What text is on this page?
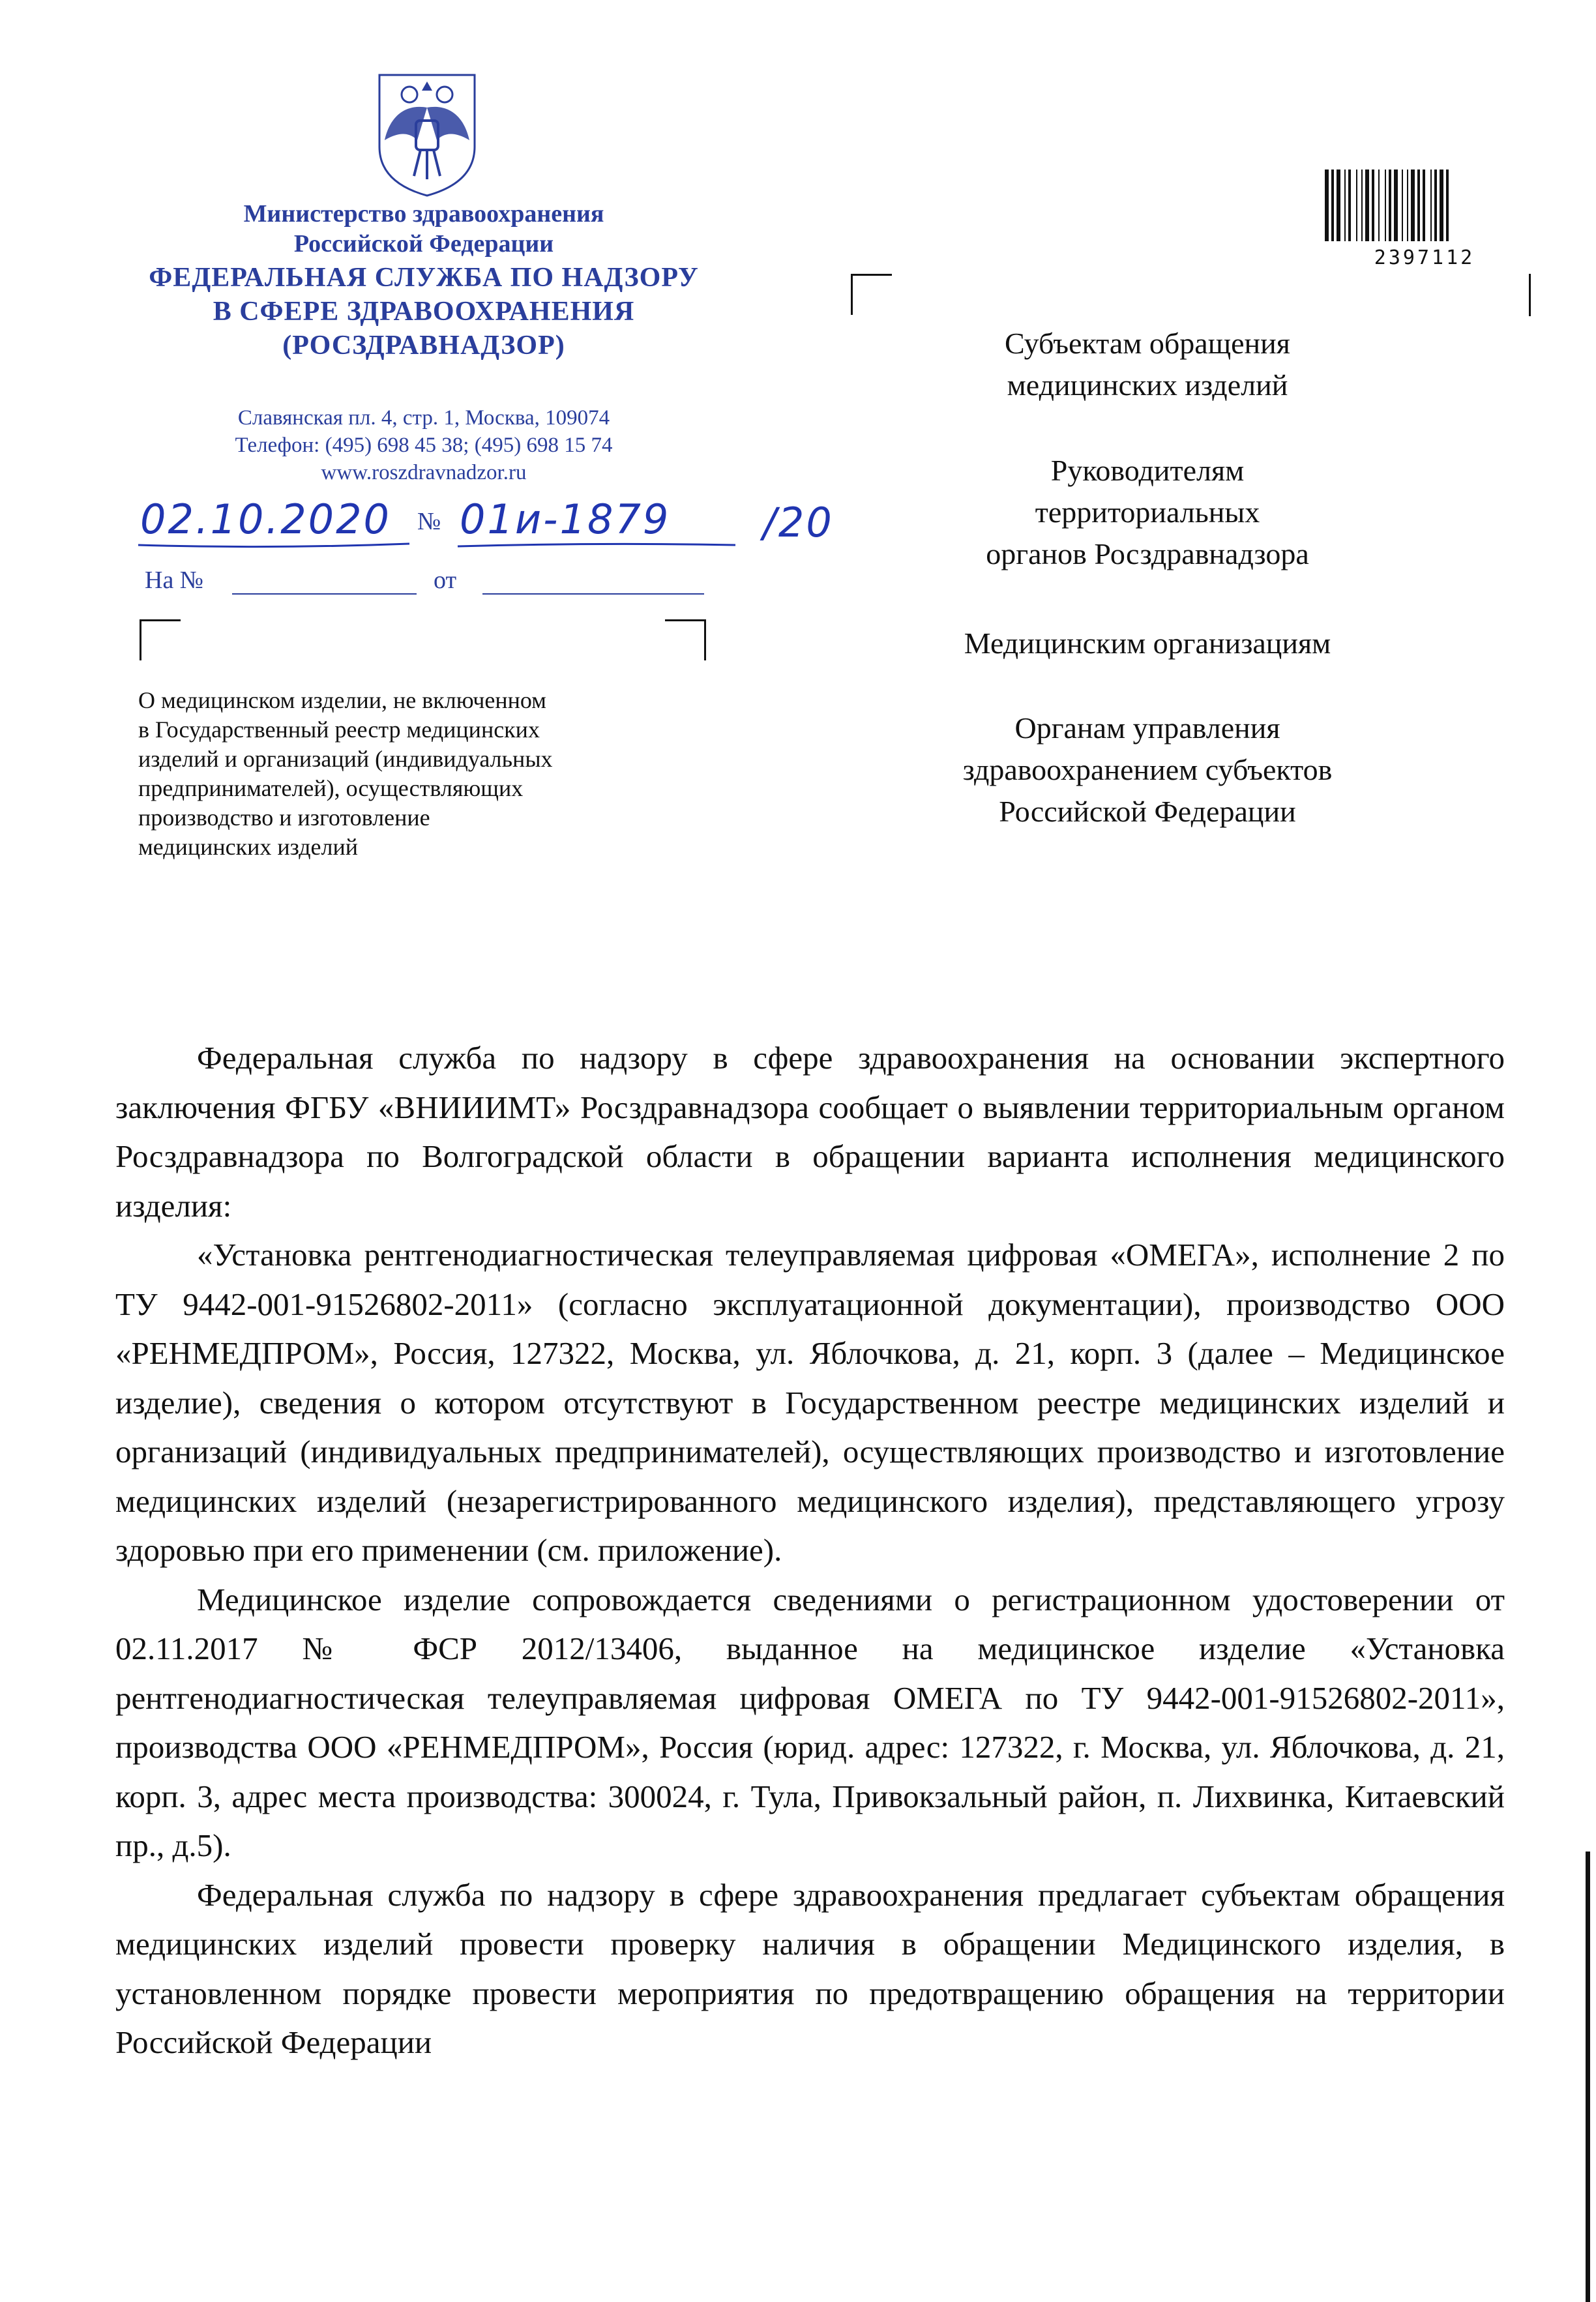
Министерство здравоохранения
Российской Федерации
ФЕДЕРАЛЬНАЯ СЛУЖБА ПО НАДЗОРУ
В СФЕРЕ ЗДРАВООХРАНЕНИЯ
(РОСЗДРАВНАДЗОР)
Славянская пл. 4, стр. 1, Москва, 109074
Телефон: (495) 698 45 38; (495) 698 15 74
www.roszdravnadzor.ru
02.10.2020 № 01и-1879 /20
На №	от
О медицинском изделии, не включенном
в Государственный реестр медицинских
изделий и организаций (индивидуальных
предпринимателей), осуществляющих
производство и изготовление
медицинских изделий
2397112
Субъектам обращения
медицинских изделий
Руководителям
территориальных
органов Росздравнадзора
Медицинским организациям
Органам управления
здравоохранением субъектов
Российской Федерации

Федеральная служба по надзору в сфере здравоохранения на основании экспертного заключения ФГБУ «ВНИИИМТ» Росздравнадзора сообщает о выявлении территориальным органом Росздравнадзора по Волгоградской области в обращении варианта исполнения медицинского изделия:

«Установка рентгенодиагностическая телеуправляемая цифровая «ОМЕГА», исполнение 2 по ТУ 9442-001-91526802-2011» (согласно эксплуатационной документации), производство ООО «РЕНМЕДПРОМ», Россия, 127322, Москва, ул. Яблочкова, д. 21, корп. 3 (далее – Медицинское изделие), сведения о котором отсутствуют в Государственном реестре медицинских изделий и организаций (индивидуальных предпринимателей), осуществляющих производство и изготовление медицинских изделий (незарегистрированного медицинского изделия), представляющего угрозу здоровью при его применении (см. приложение).

Медицинское изделие сопровождается сведениями о регистрационном удостоверении от 02.11.2017 № ФСР 2012/13406, выданное на медицинское изделие «Установка рентгенодиагностическая телеуправляемая цифровая ОМЕГА по ТУ 9442-001-91526802-2011», производства ООО «РЕНМЕДПРОМ», Россия (юрид. адрес: 127322, г. Москва, ул. Яблочкова, д. 21, корп. 3, адрес места производства: 300024, г. Тула, Привокзальный район, п. Лихвинка, Китаевский пр., д.5).

Федеральная служба по надзору в сфере здравоохранения предлагает субъектам обращения медицинских изделий провести проверку наличия в обращении Медицинского изделия, в установленном порядке провести мероприятия по предотвращению обращения на территории Российской Федерации
